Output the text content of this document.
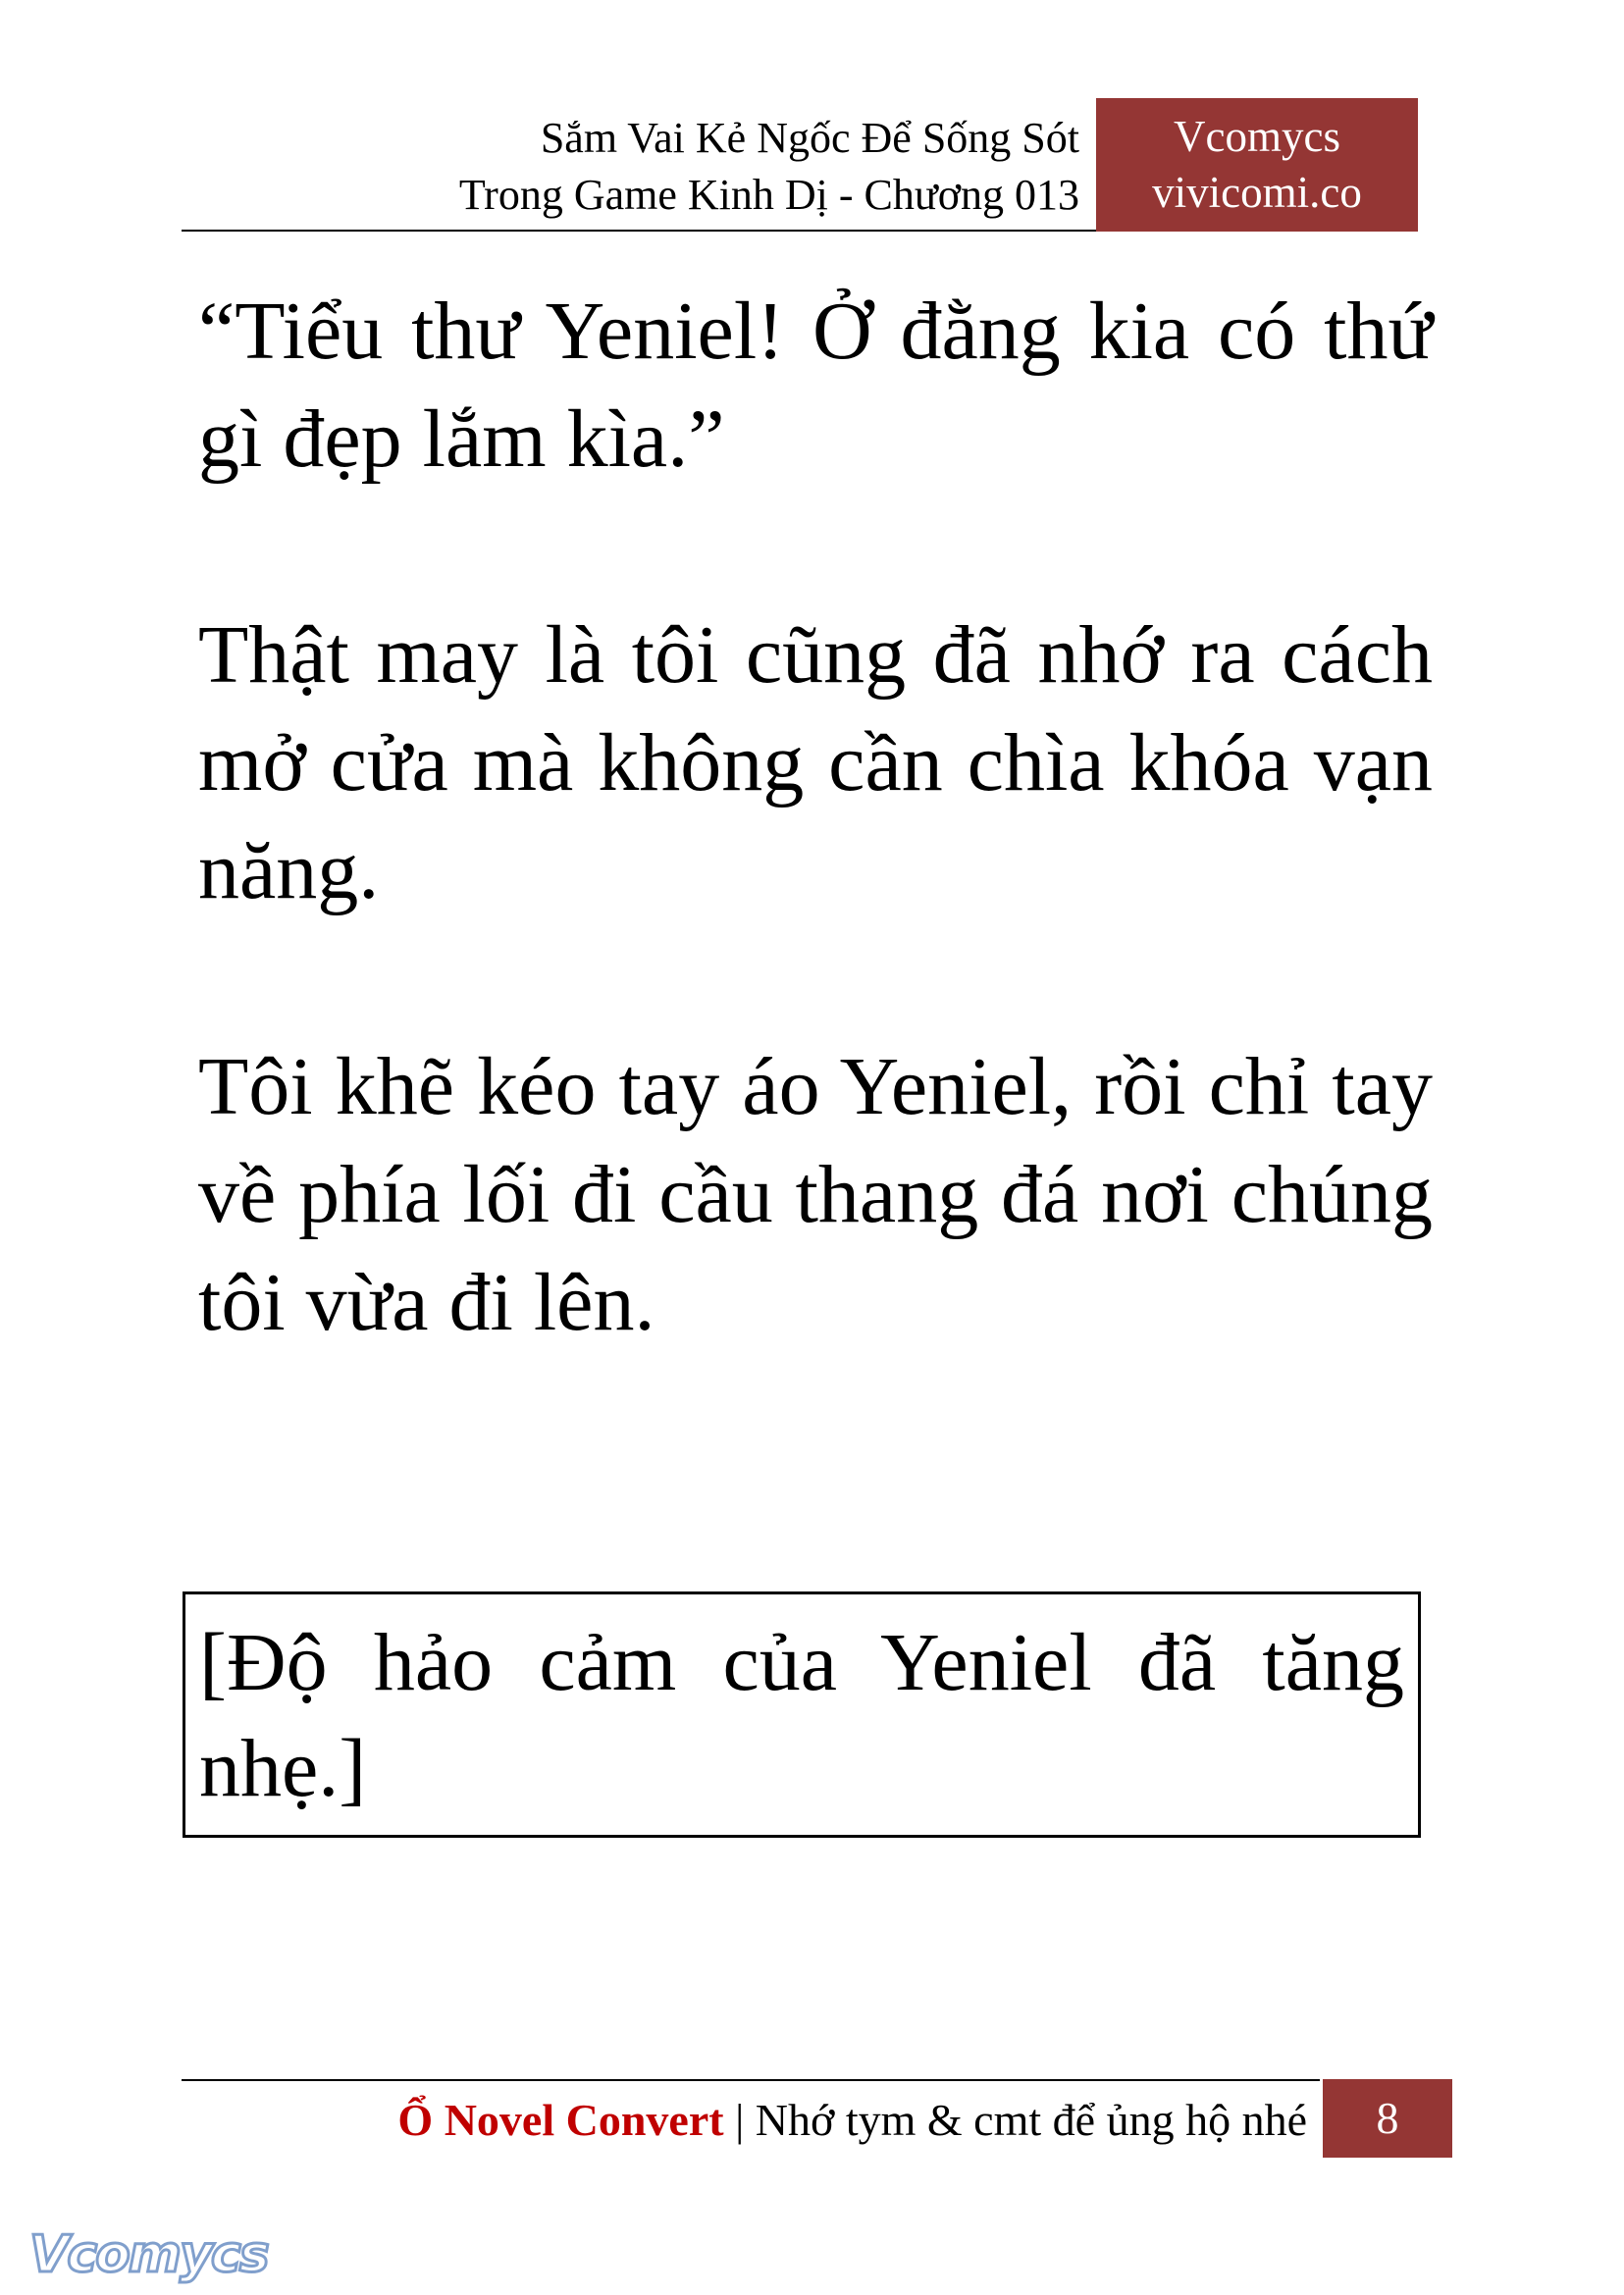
Sắm Vai Kẻ Ngốc Để Sống Sót
Trong Game Kinh Dị - Chương 013
Vcomycs
vivicomi.co

“Tiểu thư Yeniel! Ở đằng kia có thứ gì đẹp lắm kìa.”

Thật may là tôi cũng đã nhớ ra cách mở cửa mà không cần chìa khóa vạn năng.

Tôi khẽ kéo tay áo Yeniel, rồi chỉ tay về phía lối đi cầu thang đá nơi chúng tôi vừa đi lên.

[Độ hảo cảm của Yeniel đã tăng nhẹ.]

Ổ Novel Convert | Nhớ tym & cmt để ủng hộ nhé	8
Vcomycs
